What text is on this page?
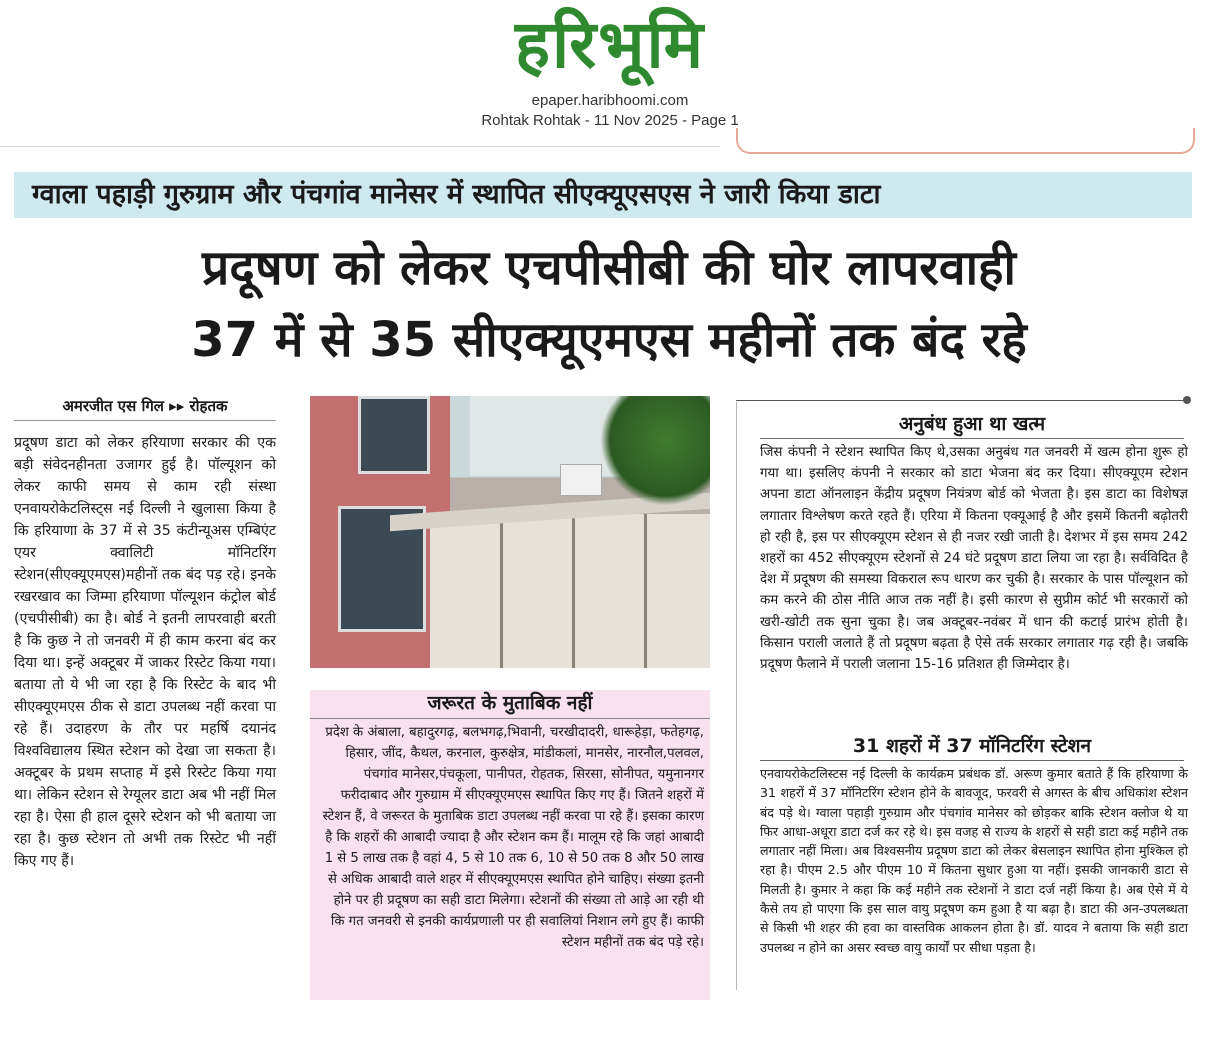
हरिभूमि
epaper.haribhoomi.com
Rohtak Rohtak - 11 Nov 2025 - Page 1
ग्वाला पहाड़ी गुरुग्राम और पंचगांव मानेसर में स्थापित सीएक्यूएसएस ने जारी किया डाटा
प्रदूषण को लेकर एचपीसीबी की घोर लापरवाही
37 में से 35 सीएक्यूएमएस महीनों तक बंद रहे
अमरजीत एस गिल ▸▸ रोहतक
प्रदूषण डाटा को लेकर हरियाणा सरकार की एक बड़ी संवेदनहीनता उजागर हुई है। पॉल्यूशन को लेकर काफी समय से काम रही संस्था एनवायरोकेटलिस्ट्स नई दिल्ली ने खुलासा किया है कि हरियाणा के 37 में से 35 कंटीन्यूअस एम्बिएंट एयर क्वालिटी मॉनिटरिंग स्टेशन(सीएक्यूएमएस)महीनों तक बंद पड़ रहे। इनके रखरखाव का जिम्मा हरियाणा पॉल्यूशन कंट्रोल बोर्ड (एचपीसीबी) का है। बोर्ड ने इतनी लापरवाही बरती है कि कुछ ने तो जनवरी में ही काम करना बंद कर दिया था। इन्हें अक्टूबर में जाकर रिस्टेट किया गया। बताया तो ये भी जा रहा है कि रिस्टेट के बाद भी सीएक्यूएमएस ठीक से डाटा उपलब्ध नहीं करवा पा रहे हैं। उदाहरण के तौर पर महर्षि दयानंद विश्वविद्यालय स्थित स्टेशन को देखा जा सकता है। अक्टूबर के प्रथम सप्ताह में इसे रिस्टेट किया गया था। लेकिन स्टेशन से रेग्यूलर डाटा अब भी नहीं मिल रहा है। ऐसा ही हाल दूसरे स्टेशन को भी बताया जा रहा है। कुछ स्टेशन तो अभी तक रिस्टेट भी नहीं किए गए हैं।
जरूरत के मुताबिक नहीं
प्रदेश के अंबाला, बहादुरगढ़, बलभगढ़,भिवानी, चरखीदादरी, धारूहेड़ा, फतेहगढ़, हिसार, जींद, कैथल, करनाल, कुरुक्षेत्र, मांडीकलां, मानसेर, नारनौल,पलवल, पंचगांव मानेसर,पंचकूला, पानीपत, रोहतक, सिरसा, सोनीपत, यमुनानगर फरीदाबाद और गुरुग्राम में सीएक्यूएमएस स्थापित किए गए हैं। जितने शहरों में स्टेशन हैं, वे जरूरत के मुताबिक डाटा उपलब्ध नहीं करवा पा रहे हैं। इसका कारण है कि शहरों की आबादी ज्यादा है और स्टेशन कम हैं। मालूम रहे कि जहां आबादी 1 से 5 लाख तक है वहां 4, 5 से 10 तक 6, 10 से 50 तक 8 और 50 लाख से अधिक आबादी वाले शहर में सीएक्यूएमएस स्थापित होने चाहिए। संख्या इतनी होने पर ही प्रदूषण का सही डाटा मिलेगा। स्टेशनों की संख्या तो आड़े आ रही थी कि गत जनवरी से इनकी कार्यप्रणाली पर ही सवालियां निशान लगे हुए हैं। काफी स्टेशन महीनों तक बंद पड़े रहे।
अनुबंध हुआ था खत्म
जिस कंपनी ने स्टेशन स्थापित किए थे,उसका अनुबंध गत जनवरी में खत्म होना शुरू हो गया था। इसलिए कंपनी ने सरकार को डाटा भेजना बंद कर दिया। सीएक्यूएम स्टेशन अपना डाटा ऑनलाइन केंद्रीय प्रदूषण नियंत्रण बोर्ड को भेजता है। इस डाटा का विशेषज्ञ लगातार विश्लेषण करते रहते हैं। एरिया में कितना एक्यूआई है और इसमें कितनी बढ़ोतरी हो रही है, इस पर सीएक्यूएम स्टेशन से ही नजर रखी जाती है। देशभर में इस समय 242 शहरों का 452 सीएक्यूएम स्टेशनों से 24 घंटे प्रदूषण डाटा लिया जा रहा है। सर्वविदित है देश में प्रदूषण की समस्या विकराल रूप धारण कर चुकी है। सरकार के पास पॉल्यूशन को कम करने की ठोस नीति आज तक नहीं है। इसी कारण से सुप्रीम कोर्ट भी सरकारों को खरी-खोटी तक सुना चुका है। जब अक्टूबर-नवंबर में धान की कटाई प्रारंभ होती है। किसान पराली जलाते हैं तो प्रदूषण बढ़ता है ऐसे तर्क सरकार लगातार गढ़ रही है। जबकि प्रदूषण फैलाने में पराली जलाना 15-16 प्रतिशत ही जिम्मेदार है।
31 शहरों में 37 मॉनिटरिंग स्टेशन
एनवायरोकेटलिस्टस नई दिल्ली के कार्यक्रम प्रबंधक डॉ. अरूण कुमार बताते हैं कि हरियाणा के 31 शहरों में 37 मॉनिटरिंग स्टेशन होने के बावजूद, फरवरी से अगस्त के बीच अधिकांश स्टेशन बंद पड़े थे। ग्वाला पहाड़ी गुरुग्राम और पंचगांव मानेसर को छोड़कर बाकि स्टेशन क्लोज थे या फिर आधा-अधूरा डाटा दर्ज कर रहे थे। इस वजह से राज्य के शहरों से सही डाटा कई महीने तक लगातार नहीं मिला। अब विश्वसनीय प्रदूषण डाटा को लेकर बेसलाइन स्थापित होना मुश्किल हो रहा है। पीएम 2.5 और पीएम 10 में कितना सुधार हुआ या नहीं। इसकी जानकारी डाटा से मिलती है। कुमार ने कहा कि कई महीने तक स्टेशनों ने डाटा दर्ज नहीं किया है। अब ऐसे में ये कैसे तय हो पाएगा कि इस साल वायु प्रदूषण कम हुआ है या बढ़ा है। डाटा की अन-उपलब्धता से किसी भी शहर की हवा का वास्तविक आकलन होता है। डॉ. यादव ने बताया कि सही डाटा उपलब्ध न होने का असर स्वच्छ वायु कार्यों पर सीधा पड़ता है।
